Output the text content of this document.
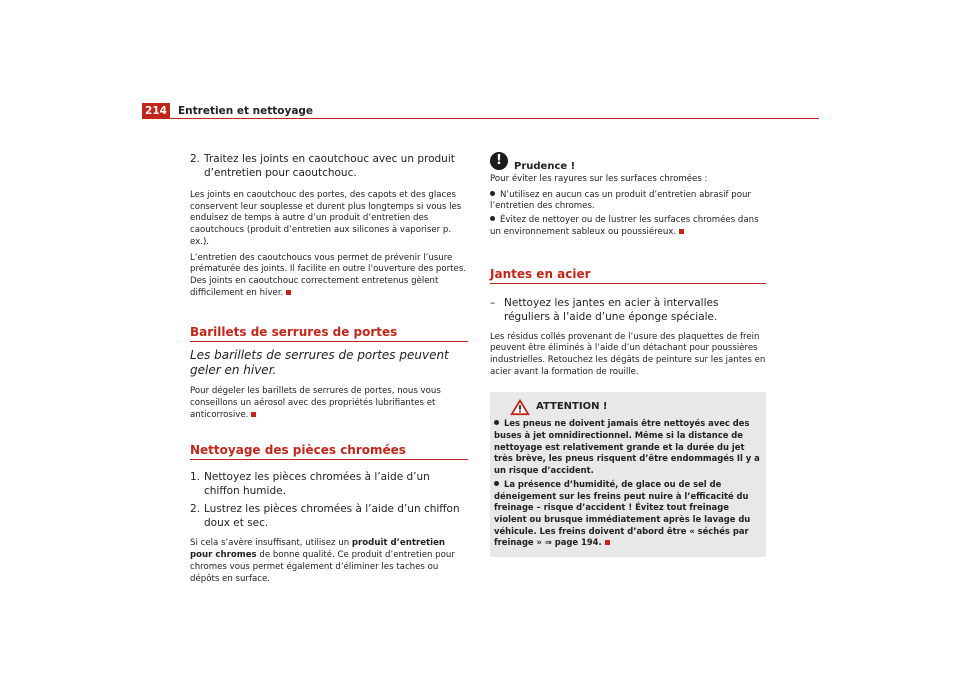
214 Entretien et nettoyage
2. Traitez les joints en caoutchouc avec un produit d’entretien pour caoutchouc.

Les joints en caoutchouc des portes, des capots et des glaces conservent leur souplesse et durent plus longtemps si vous les enduisez de temps à autre d’un produit d’entretien des caoutchoucs (produit d’entretien aux silicones à vaporiser p. ex.).

L’entretien des caoutchoucs vous permet de prévenir l’usure prématurée des joints. Il facilite en outre l’ouverture des portes. Des joints en caoutchouc correctement entretenus gèlent difficilement en hiver.

Barillets de serrures de portes
Les barillets de serrures de portes peuvent geler en hiver.

Pour dégeler les barillets de serrures de portes, nous vous conseillons un aérosol avec des propriétés lubrifiantes et anticorrosive.

Nettoyage des pièces chromées
1. Nettoyez les pièces chromées à l’aide d’un chiffon humide.
2. Lustrez les pièces chromées à l’aide d’un chiffon doux et sec.

Si cela s’avère insuffisant, utilisez un produit d’entretien pour chromes de bonne qualité. Ce produit d’entretien pour chromes vous permet également d’éliminer les taches ou dépôts en surface.

!	Prudence !

Pour éviter les rayures sur les surfaces chromées :

N’utilisez en aucun cas un produit d’entretien abrasif pour l’entretien des chromes.

Évitez de nettoyer ou de lustrer les surfaces chromées dans un environnement sableux ou poussiéreux.

Jantes en acier
– Nettoyez les jantes en acier à intervalles réguliers à l’aide d’une éponge spéciale.

Les résidus collés provenant de l’usure des plaquettes de frein peuvent être éliminés à l’aide d’un détachant pour poussières industrielles. Retouchez les dégâts de peinture sur les jantes en acier avant la formation de rouille.

ATTENTION !

Les pneus ne doivent jamais être nettoyés avec des buses à jet omnidirectionnel. Même si la distance de nettoyage est relativement grande et la durée du jet très brève, les pneus risquent d’être endommagés Il y a un risque d’accident.

La présence d’humidité, de glace ou de sel de déneigement sur les freins peut nuire à l’efficacité du freinage – risque d’accident ! Évitez tout freinage violent ou brusque immédiatement après le lavage du véhicule. Les freins doivent d’abord être « séchés par freinage » ⇒ page 194.
